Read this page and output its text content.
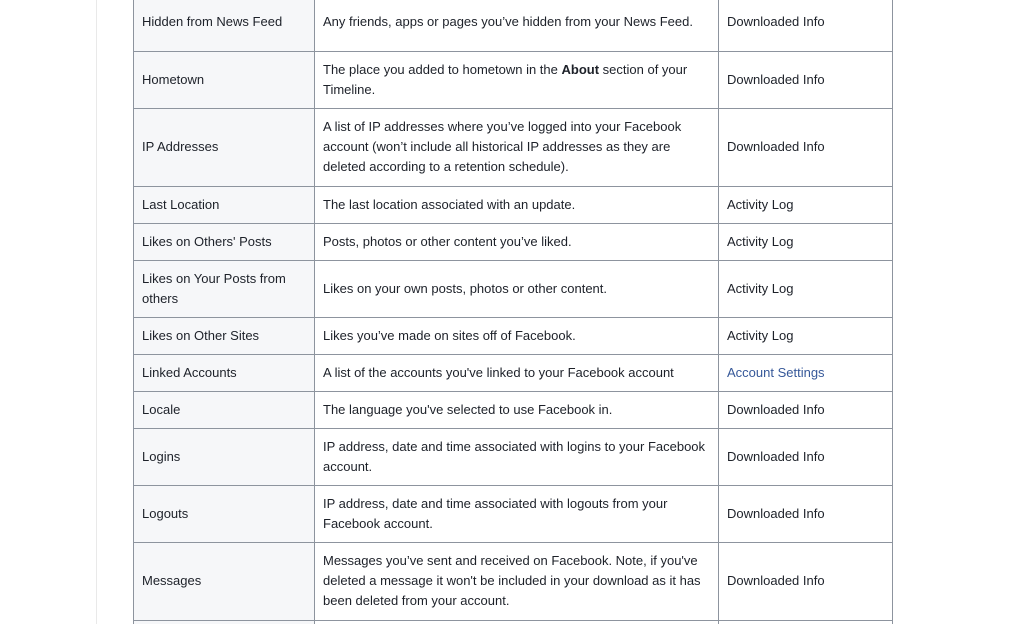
Hidden from News Feed	Any friends, apps or pages you’ve hidden from your News Feed.	Downloaded Info
Hometown	The place you added to hometown in the About section of your Timeline.	Downloaded Info
IP Addresses	A list of IP addresses where you’ve logged into your Facebook account (won’t include all historical IP addresses as they are deleted according to a retention schedule).	Downloaded Info
Last Location	The last location associated with an update.	Activity Log
Likes on Others' Posts	Posts, photos or other content you’ve liked.	Activity Log
Likes on Your Posts from others	Likes on your own posts, photos or other content.	Activity Log
Likes on Other Sites	Likes you’ve made on sites off of Facebook.	Activity Log
Linked Accounts	A list of the accounts you've linked to your Facebook account	Account Settings
Locale	The language you've selected to use Facebook in.	Downloaded Info
Logins	IP address, date and time associated with logins to your Facebook account.	Downloaded Info
Logouts	IP address, date and time associated with logouts from your Facebook account.	Downloaded Info
Messages	Messages you’ve sent and received on Facebook. Note, if you've deleted a message it won't be included in your download as it has been deleted from your account.	Downloaded Info
